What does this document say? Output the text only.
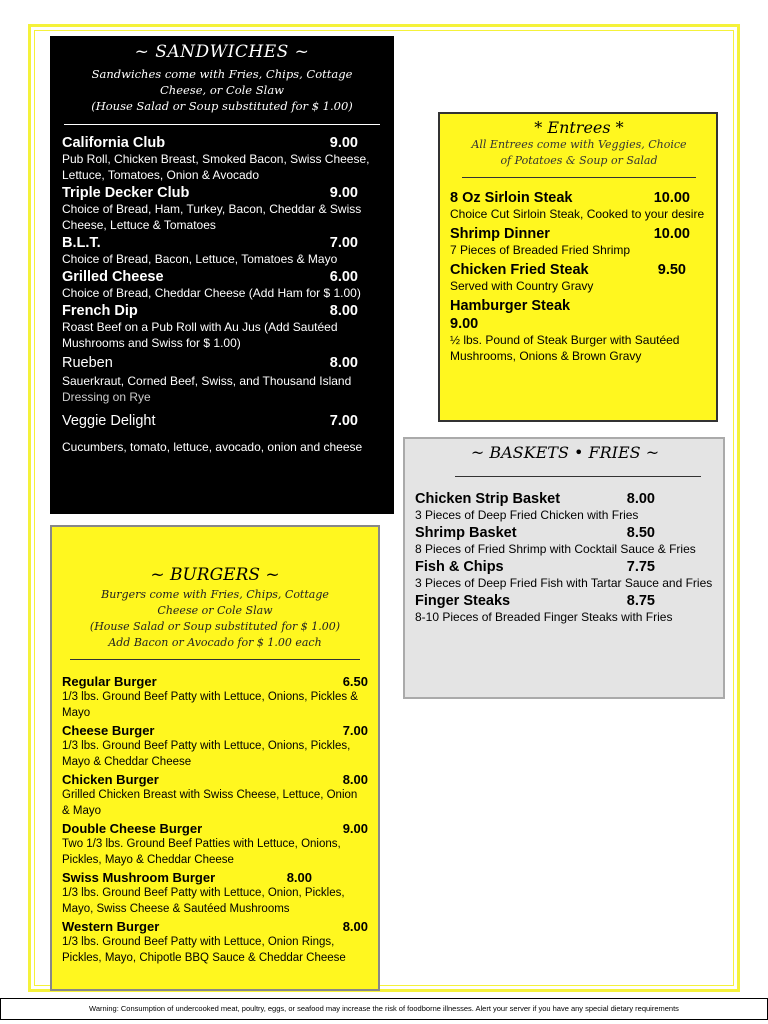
~ SANDWICHES ~
Sandwiches come with Fries, Chips, Cottage
Cheese, or Cole Slaw
(House Salad or Soup substituted for $ 1.00)
California Club	9.00
Pub Roll, Chicken Breast, Smoked Bacon, Swiss Cheese, Lettuce, Tomatoes, Onion & Avocado
Triple Decker Club	9.00
Choice of Bread, Ham, Turkey, Bacon, Cheddar & Swiss Cheese, Lettuce & Tomatoes
B.L.T.	7.00
Choice of Bread, Bacon, Lettuce, Tomatoes & Mayo
Grilled Cheese	6.00
Choice of Bread, Cheddar Cheese (Add Ham for $ 1.00)
French Dip	8.00
Roast Beef on a Pub Roll with Au Jus (Add Sautéed Mushrooms and Swiss for $ 1.00)
Rueben	8.00
Sauerkraut, Corned Beef, Swiss, and Thousand Island
Dressing on Rye
Veggie Delight	7.00
Cucumbers, tomato, lettuce, avocado, onion and cheese
* Entrees *
All Entrees come with Veggies, Choice
of Potatoes & Soup or Salad
8 Oz Sirloin Steak	10.00
Choice Cut Sirloin Steak, Cooked to your desire
Shrimp Dinner	10.00
7 Pieces of Breaded Fried Shrimp
Chicken Fried Steak	9.50
Served with Country Gravy
Hamburger Steak
9.00
½ lbs. Pound of Steak Burger with Sautéed Mushrooms, Onions & Brown Gravy
~ BASKETS • FRIES ~
Chicken Strip Basket	8.00
3 Pieces of Deep Fried Chicken with Fries
Shrimp Basket	8.50
8 Pieces of Fried Shrimp with Cocktail Sauce & Fries
Fish & Chips	7.75
3 Pieces of Deep Fried Fish with Tartar Sauce and Fries
Finger Steaks	8.75
8-10 Pieces of Breaded Finger Steaks with Fries
~ BURGERS ~
Burgers come with Fries, Chips, Cottage
Cheese or Cole Slaw
(House Salad or Soup substituted for $ 1.00)
Add Bacon or Avocado for $ 1.00 each
Regular Burger	6.50
1/3 lbs. Ground Beef Patty with Lettuce, Onions, Pickles & Mayo
Cheese Burger	7.00
1/3 lbs. Ground Beef Patty with Lettuce, Onions, Pickles, Mayo & Cheddar Cheese
Chicken Burger	8.00
Grilled Chicken Breast with Swiss Cheese, Lettuce, Onion & Mayo
Double Cheese Burger	9.00
Two 1/3 lbs. Ground Beef Patties with Lettuce, Onions, Pickles, Mayo & Cheddar Cheese
Swiss Mushroom Burger	8.00
1/3 lbs. Ground Beef Patty with Lettuce, Onion, Pickles, Mayo, Swiss Cheese & Sautéed Mushrooms
Western Burger	8.00
1/3 lbs. Ground Beef Patty with Lettuce, Onion Rings, Pickles, Mayo, Chipotle BBQ Sauce & Cheddar Cheese
Warning: Consumption of undercooked meat, poultry, eggs, or seafood may increase the risk of foodborne illnesses. Alert your server if you have any special dietary requirements
